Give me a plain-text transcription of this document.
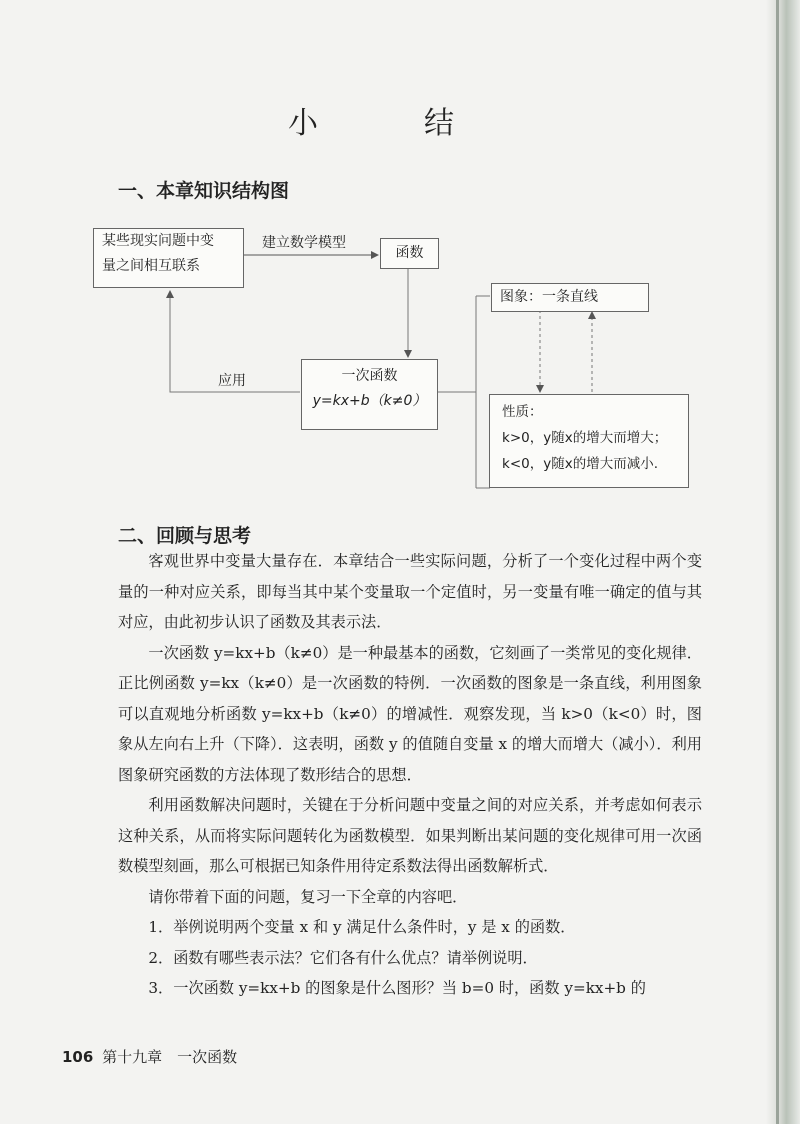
小　结
一、本章知识结构图
某些现实问题中变
量之间相互联系
建立数学模型
函数
应用	一次函数
y=kx+b（k≠0）
图象：一条直线
性质：
k>0，y随x的增大而增大；
k<0，y随x的增大而减小.
二、回顾与思考

客观世界中变量大量存在．本章结合一些实际问题，分析了一个变化过程中两个变量的一种对应关系，即每当其中某个变量取一个定值时，另一变量有唯一确定的值与其对应，由此初步认识了函数及其表示法．

一次函数 y=kx+b（k≠0）是一种最基本的函数，它刻画了一类常见的变化规律．正比例函数 y=kx（k≠0）是一次函数的特例．一次函数的图象是一条直线，利用图象可以直观地分析函数 y=kx+b（k≠0）的增减性．观察发现，当 k>0（k<0）时，图象从左向右上升（下降）．这表明，函数 y 的值随自变量 x 的增大而增大（减小）．利用图象研究函数的方法体现了数形结合的思想．

利用函数解决问题时，关键在于分析问题中变量之间的对应关系，并考虑如何表示这种关系，从而将实际问题转化为函数模型．如果判断出某问题的变化规律可用一次函数模型刻画，那么可根据已知条件用待定系数法得出函数解析式．

请你带着下面的问题，复习一下全章的内容吧．

1．举例说明两个变量 x 和 y 满足什么条件时，y 是 x 的函数．

2．函数有哪些表示法？它们各有什么优点？请举例说明．

3．一次函数 y=kx+b 的图象是什么图形？当 b=0 时，函数 y=kx+b 的

106 第十九章　一次函数
